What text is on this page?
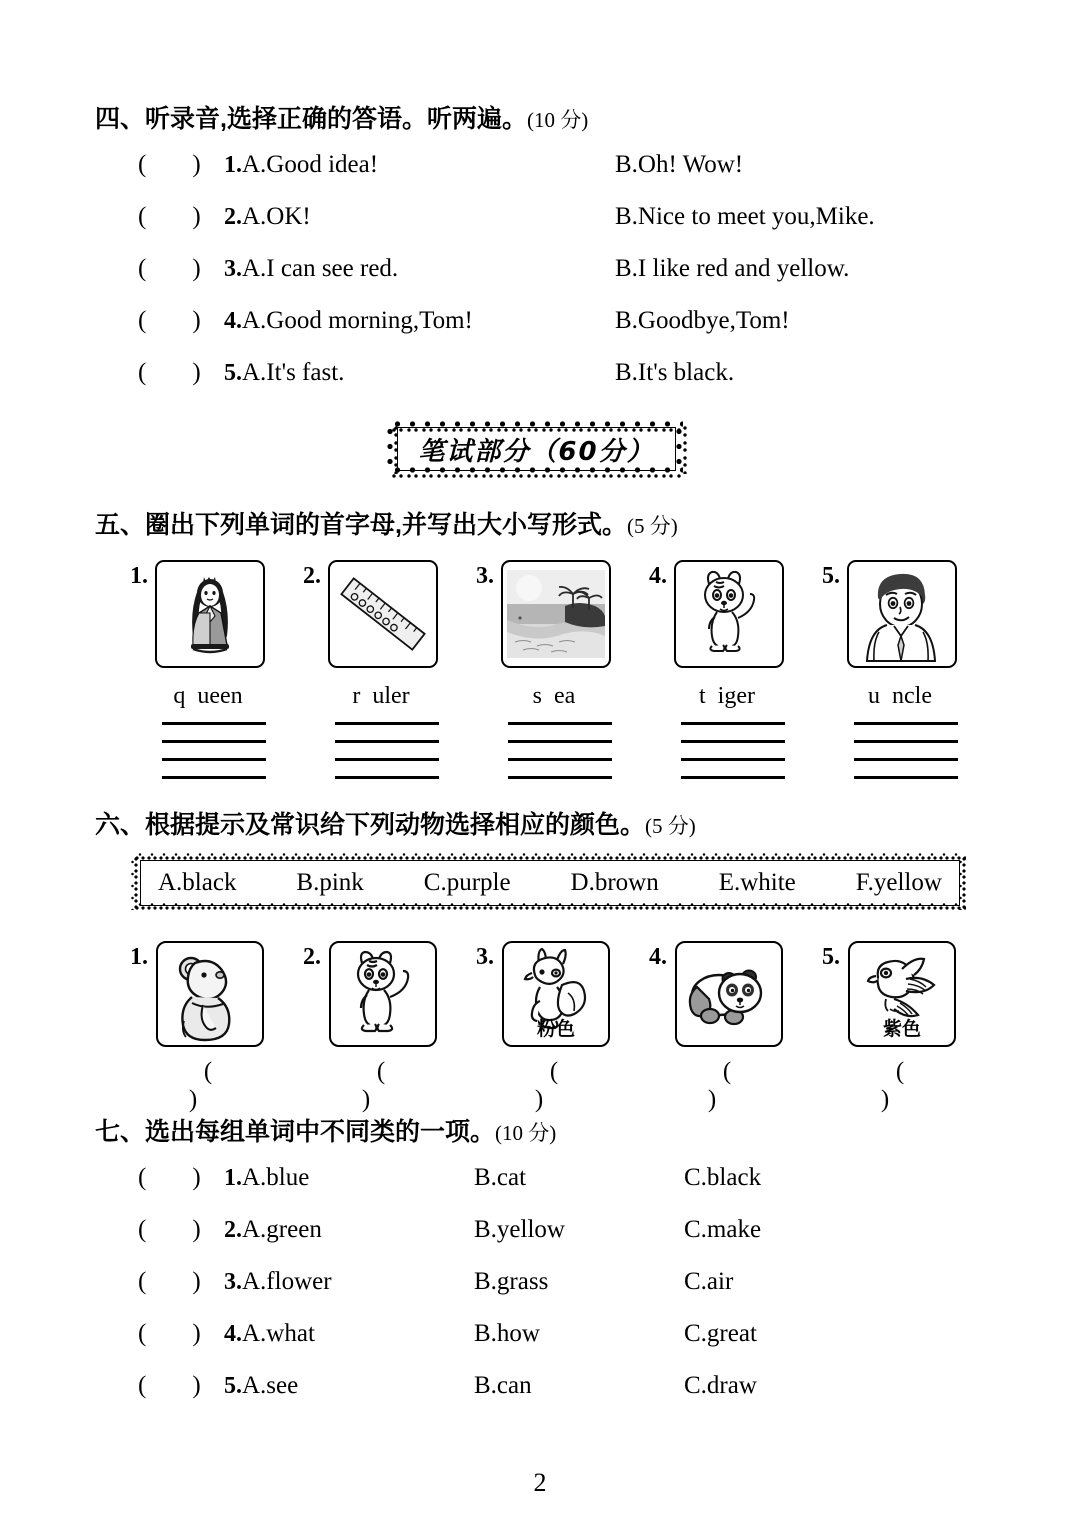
四、听录音,选择正确的答语。听两遍。(10 分)
( ) 1.A.Good idea!	B.Oh! Wow!
( ) 2.A.OK!	B.Nice to meet you,Mike.
( ) 3.A.I can see red.	B.I like red and yellow.
( ) 4.A.Good morning,Tom!	B.Goodbye,Tom!
( ) 5.A.It's fast.	B.It's black.
笔试部分（60分）
五、圈出下列单词的首字母,并写出大小写形式。(5 分)
1.
q  ueen
2.
r  uler
3.
s  ea
4.
t  iger
5.
u  ncle
六、根据提示及常识给下列动物选择相应的颜色。(5 分)
A.black B.pink C.purple D.brown E.white F.yellow
1.
( )
2.
( )
3.
粉色
( )
4.
( )
5.
紫色
( )
七、选出每组单词中不同类的一项。(10 分)
( ) 1.A.blue	B.cat	C.black
( ) 2.A.green	B.yellow	C.make
( ) 3.A.flower	B.grass	C.air
( ) 4.A.what	B.how	C.great
( ) 5.A.see	B.can	C.draw
2
